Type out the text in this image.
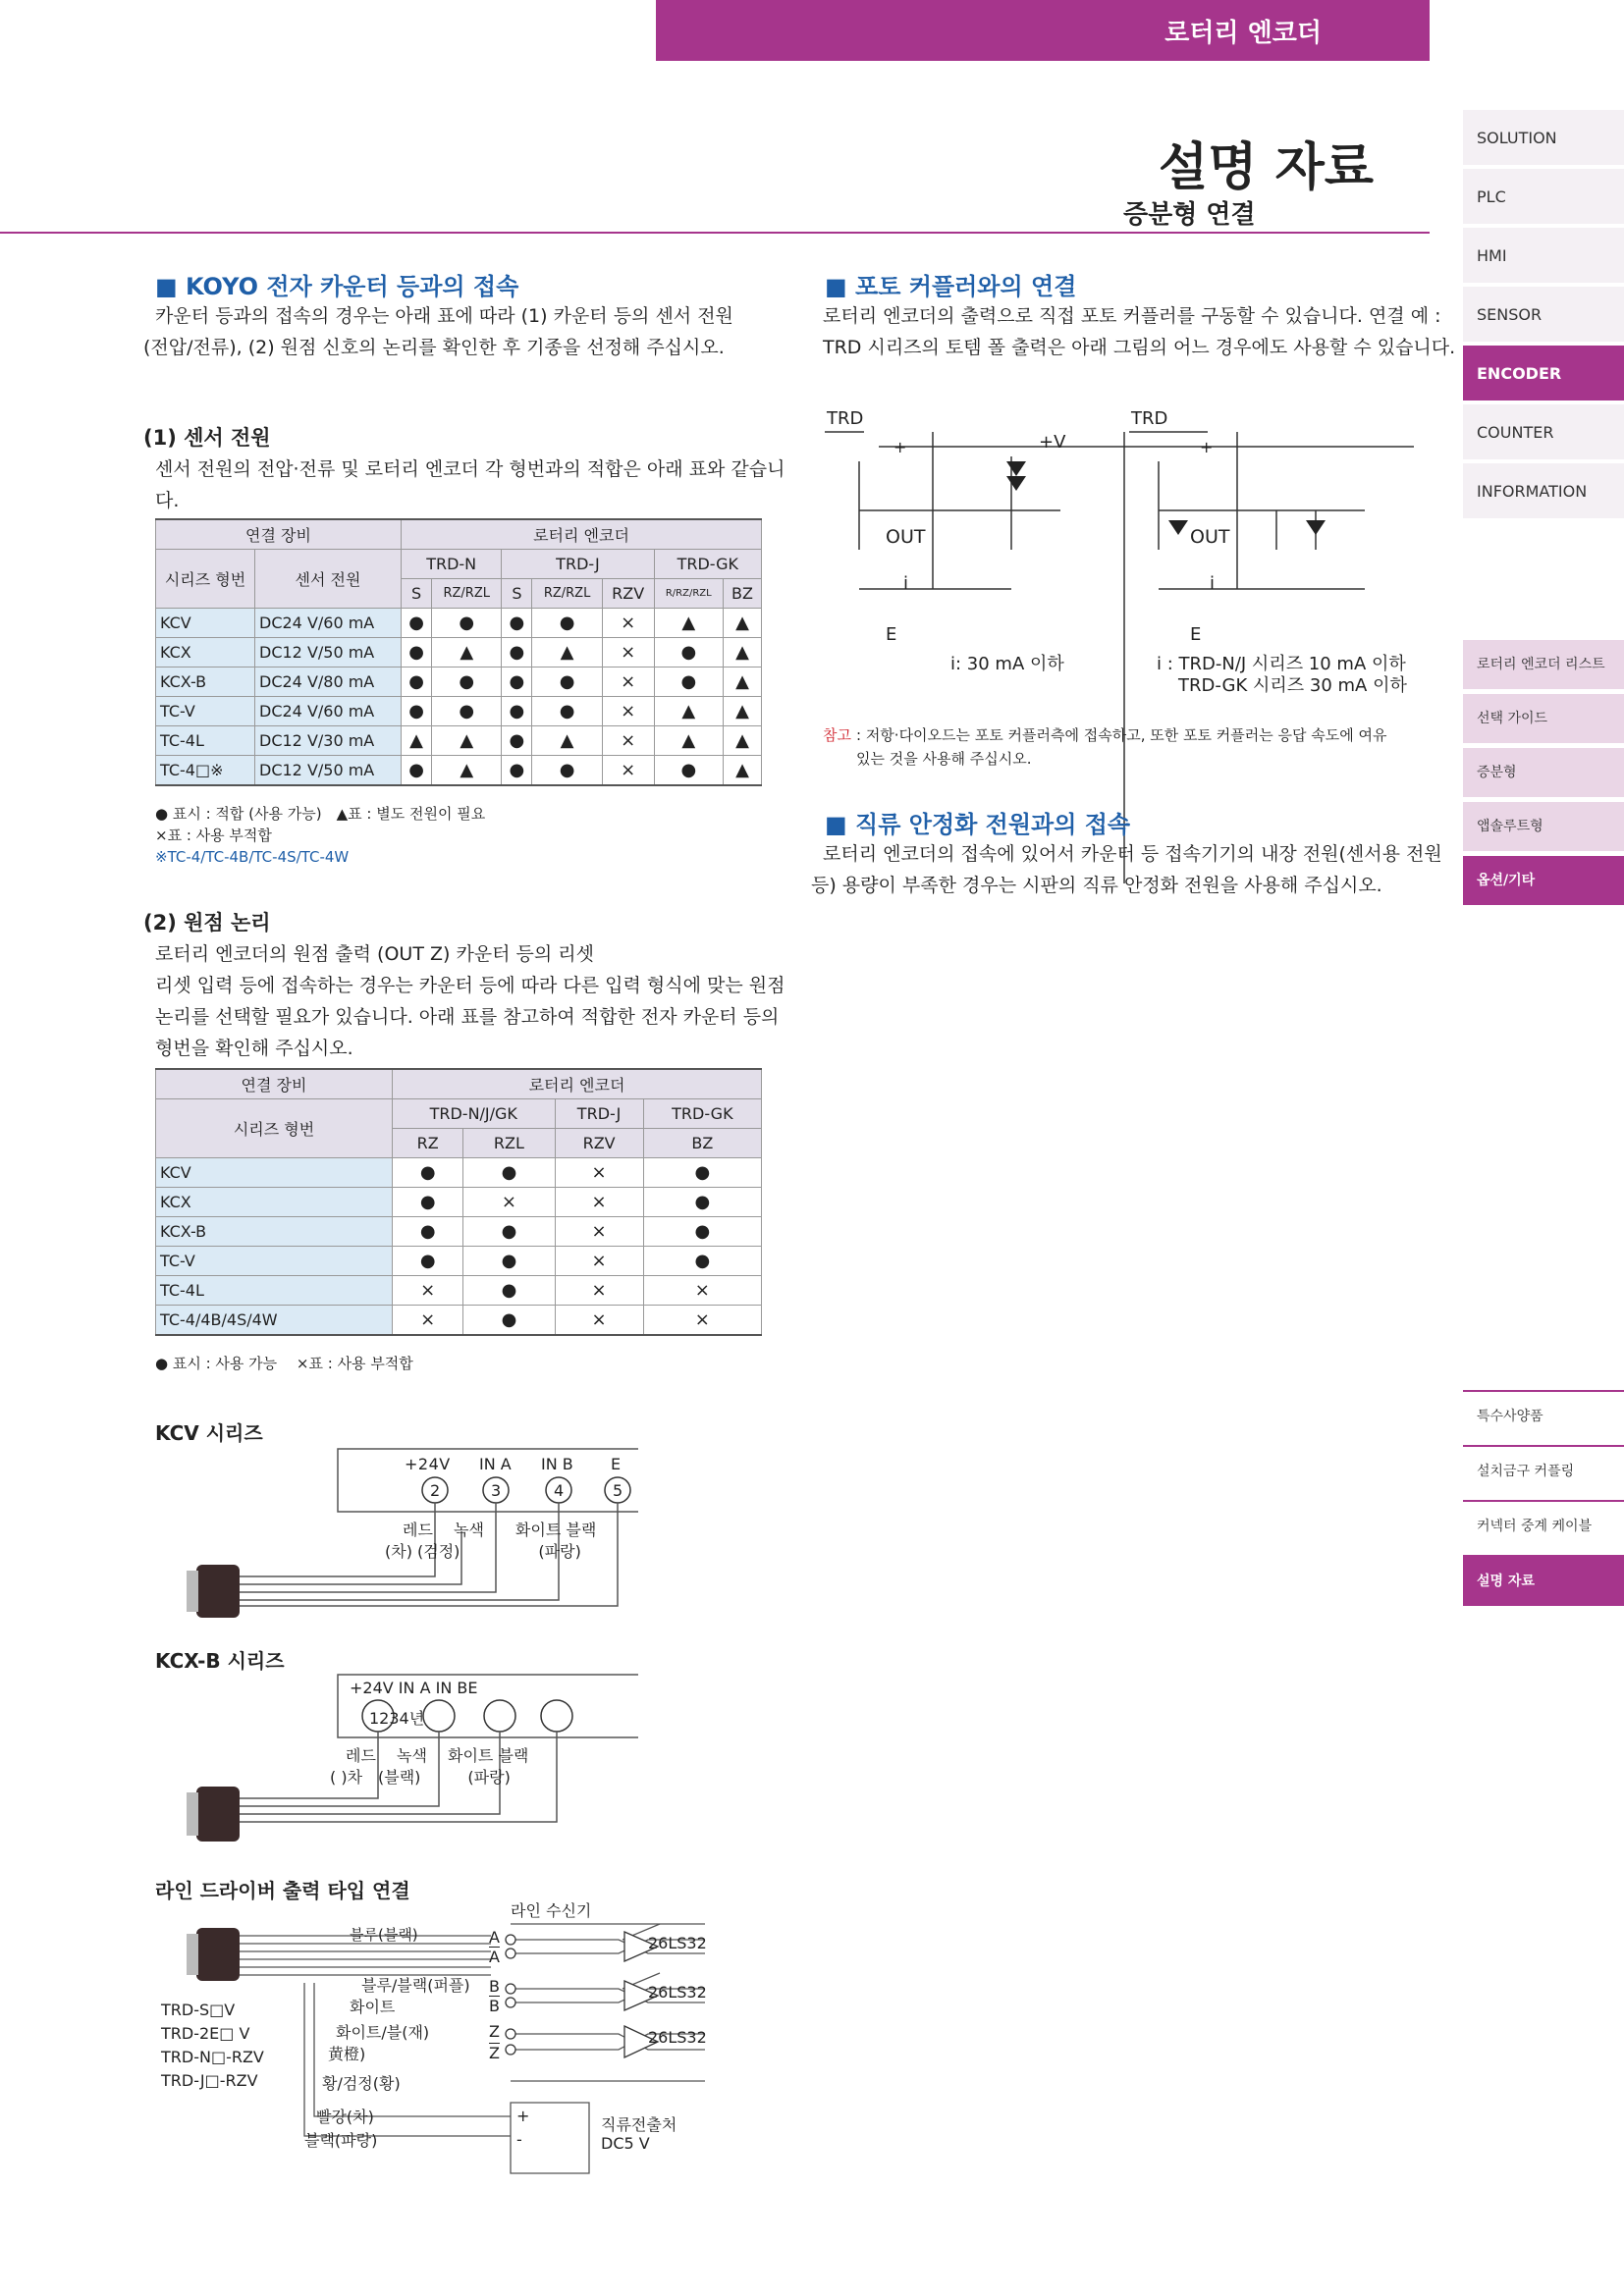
로터리 엔코더
설명 자료
증분형 연결
SOLUTION
PLC
HMI
SENSOR
ENCODER
COUNTER
INFORMATION
로터리 엔코더 리스트
선택 가이드
증분형
앱솔루트형
옵션/기타
특수사양품
설치금구 커플링
커넥터 중계 케이블
설명 자료
■ KOYO 전자 카운터 등과의 접속
카운터 등과의 접속의 경우는 아래 표에 따라 (1) 카운터 등의 센서 전원
(전압/전류), (2) 원점 신호의 논리를 확인한 후 기종을 선정해 주십시오.
(1) 센서 전원
센서 전원의 전압·전류 및 로터리 엔코더 각 형번과의 적합은 아래 표와 같습니
다.
연결 장비		로터리 엔코더						
시리즈 형번	센서 전원	TRD-N		TRD-J			TRD-GK	
		S	RZ/RZL	S	RZ/RZL	RZV	R/RZ/RZL	BZ
KCV	DC24 V/60 mA	●	●	●	●	×	▲	▲
KCX	DC12 V/50 mA	●	▲	●	▲	×	●	▲
KCX-B	DC24 V/80 mA	●	●	●	●	×	●	▲
TC-V	DC24 V/60 mA	●	●	●	●	×	▲	▲
TC-4L	DC12 V/30 mA	▲	▲	●	▲	×	▲	▲
TC-4□※	DC12 V/50 mA	●	▲	●	●	×	●	▲
● 표시 : 적합 (사용 가능)　▲표 : 별도 전원이 필요
×표 : 사용 부적합
※TC-4/TC-4B/TC-4S/TC-4W
(2) 원점 논리
로터리 엔코더의 원점 출력 (OUT Z) 카운터 등의 리셋
리셋 입력 등에 접속하는 경우는 카운터 등에 따라 다른 입력 형식에 맞는 원점
논리를 선택할 필요가 있습니다. 아래 표를 참고하여 적합한 전자 카운터 등의
형번을 확인해 주십시오.
연결 장비	로터리 엔코더			
시리즈 형번	TRD-N/J/GK		TRD-J	TRD-GK
	RZ	RZL	RZV	BZ
KCV	●	●	×	●
KCX	●	×	×	●
KCX-B	●	●	×	●
TC-V	●	●	×	●
TC-4L	×	●	×	×
TC-4/4B/4S/4W	×	●	×	×
● 표시 : 사용 가능　 ×표 : 사용 부적합
KCV 시리즈
+24V IN A IN B E
2	3	4	5
레드　 녹색　　화이트 블랙
(차) (검정)　　　　　(파랑)
KCX-B 시리즈
+24V IN A IN BE
1234년
레드　 녹색　 화이트 블랙
( )차　(블랙)　　　(파랑)
라인 드라이버 출력 타입 연결
라인 수신기
26LS32
26LS32
26LS32
A
$\overline{A}$
B
$\overline{B}$
Z
$\overline{Z}$
블루(블랙)
블루/블랙(퍼플)
화이트
화이트/블(재)
黄橙)
황/검정(황)
빨강(차)
블랙(파랑)
TRD-S□V
TRD-2E□ V
TRD-N□-RZV
TRD-J□-RZV
+
-
직류전출처
DC5 V
■ 포토 커플러와의 연결
로터리 엔코더의 출력으로 직접 포토 커플러를 구동할 수 있습니다. 연결 예 :
TRD 시리즈의 토템 폴 출력은 아래 그림의 어느 경우에도 사용할 수 있습니다.
TRD	TRD
+	+
+V
OUT	OUT
i	i
E	E
i: 30 mA 이하	i : TRD-N/J 시리즈 10 mA 이하
TRD-GK 시리즈 30 mA 이하
참고 : 저항·다이오드는 포토 커플러측에 접속하고, 또한 포토 커플러는 응답 속도에 여유
있는 것을 사용해 주십시오.
■ 직류 안정화 전원과의 접속
로터리 엔코더의 접속에 있어서 카운터 등 접속기기의 내장 전원(센서용 전원
등) 용량이 부족한 경우는 시판의 직류 안정화 전원을 사용해 주십시오.
